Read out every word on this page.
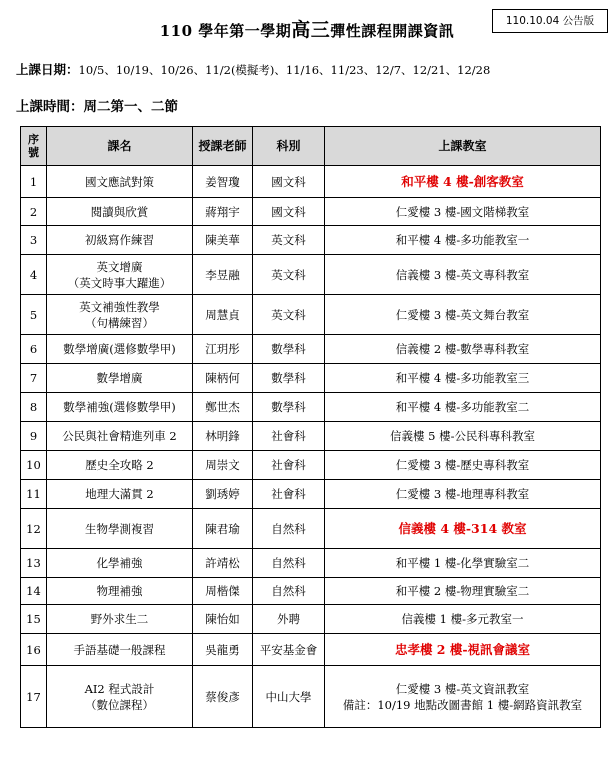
110 學年第一學期高三彈性課程開課資訊
110.10.04 公告版
上課日期：10/5、10/19、10/26、11/2(模擬考)、11/16、11/23、12/7、12/21、12/28
上課時間：周二第一、二節
序號	課名	授課老師	科別	上課教室
1	國文應試對策	姜智瓊	國文科	和平樓 4 樓-創客教室

2	閱讀與欣賞	蔣翔宇	國文科	仁愛樓 3 樓-國文階梯教室

3	初級寫作練習	陳美華	英文科	和平樓 4 樓-多功能教室一

4	英文增廣
（英文時事大躍進）	李昱融	英文科	信義樓 3 樓-英文專科教室

5	英文補強性教學
（句構練習）	周慧貞	英文科	仁愛樓 3 樓-英文舞台教室

6	數學增廣(選修數學甲)	江玥彤	數學科	信義樓 2 樓-數學專科教室

7	數學增廣	陳柄何	數學科	和平樓 4 樓-多功能教室三

8	數學補強(選修數學甲)	鄭世杰	數學科	和平樓 4 樓-多功能教室二

9	公民與社會精進列車 2	林明鋒	社會科	信義樓 5 樓-公民科專科教室

10	歷史全攻略 2	周崇文	社會科	仁愛樓 3 樓-歷史專科教室

11	地理大滿貫 2	劉琇婷	社會科	仁愛樓 3 樓-地理專科教室

12	生物學測複習	陳君瑜	自然科	信義樓 4 樓-314 教室

13	化學補強	許靖松	自然科	和平樓 1 樓-化學實驗室二

14	物理補強	周楷傑	自然科	和平樓 2 樓-物理實驗室二

15	野外求生二	陳怡如	外聘	信義樓 1 樓-多元教室一

16	手語基礎一般課程	吳龍勇	平安基金會	忠孝樓 2 樓-視訊會議室

17	AI2 程式設計
（數位課程）	蔡俊彥	中山大學	仁愛樓 3 樓-英文資訊教室
備註：10/19 地點改圖書館 1 樓-網路資訊教室
